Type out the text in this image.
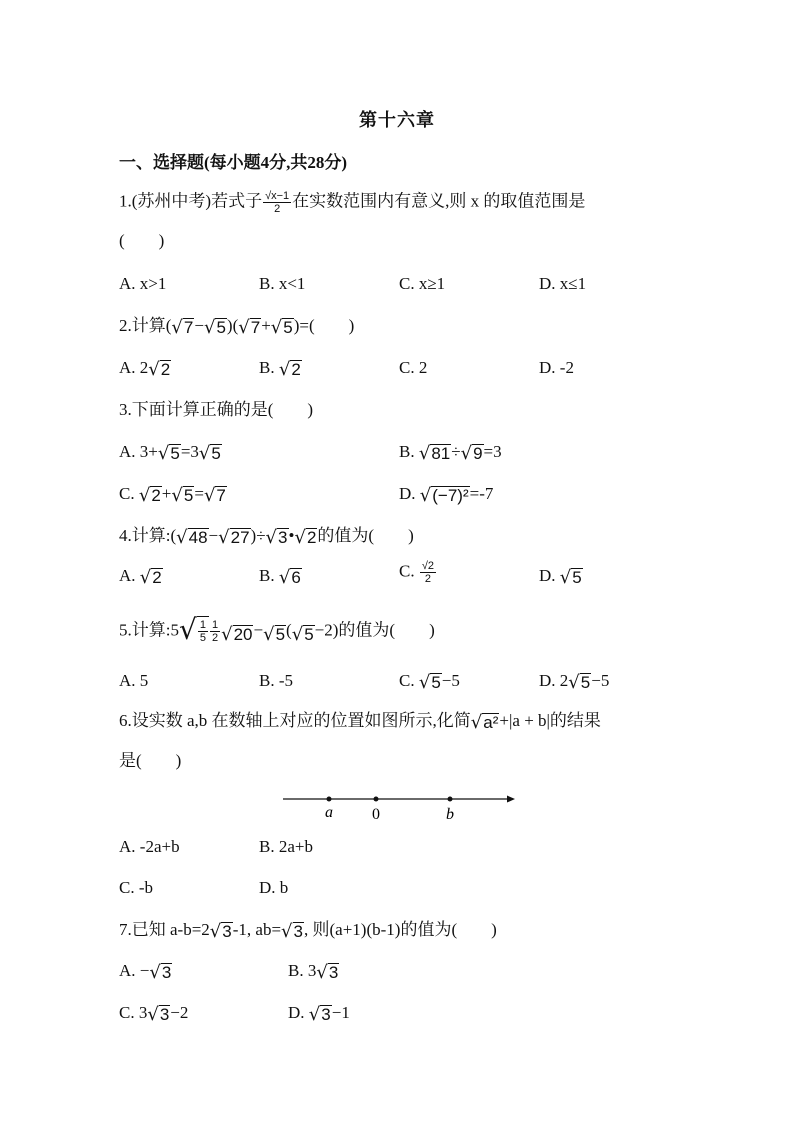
第十六章
一、选择题(每小题4分,共28分)
1.(苏州中考)若式子 $\frac{√x-1}{2}$ 在实数范围内有意义,则 x 的取值范围是
(　　)
A. x>1	B. x<1	C. x≥1	D. x≤1
2.计算( √ 7 − √ 5 )( √ 7 + √ 5 )=(　　)
A. 2 √ 2	B. √ 2	C. 2	D. -2
3.下面计算正确的是(　　)
A. 3+ √ 5 =3 √ 5	B. √ 81 ÷ √ 9 =3
C. √ 2 + √ 5 = √ 7	D. √ (−7)² =-7
4.计算:( √ 48 − √ 27 )÷ √ 3 • √ 2 的值为(　　)
A. √ 2	B. √ 6	C. $\frac{√2}{2}$	D. √ 5
5.计算:5 √ $\frac{1}{5} \frac{1}{2}$ √ 20 − √ 5 ( √ 5 −2)的值为(　　)
A. 5	B. -5	C. √ 5 −5	D. 2 √ 5 −5
6.设实数 a,b 在数轴上对应的位置如图所示,化简 √ a² +|a + b|的结果
是(　　)
a 0	b
A. -2a+b	B. 2a+b
C. -b	D. b
7.已知 a-b=2 √ 3 -1, ab= √ 3 , 则(a+1)(b-1)的值为(　　)
A. − √ 3	B. 3 √ 3
C. 3 √ 3 −2	D. √ 3 −1
